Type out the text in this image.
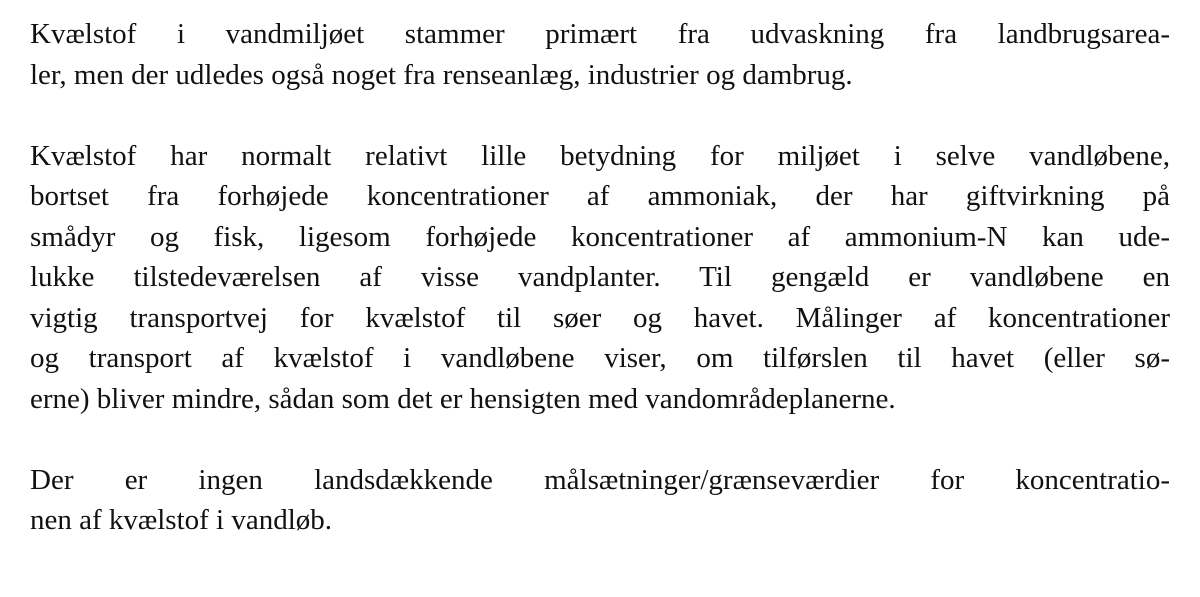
Kvælstof i vandmiljøet stammer primært fra udvaskning fra landbrugsarea-
ler, men der udledes også noget fra renseanlæg, industrier og dambrug.

Kvælstof har normalt relativt lille betydning for miljøet i selve vandløbene,
bortset fra forhøjede koncentrationer af ammoniak, der har giftvirkning på
smådyr og fisk, ligesom forhøjede koncentrationer af ammonium-N kan ude-
lukke tilstedeværelsen af visse vandplanter. Til gengæld er vandløbene en
vigtig transportvej for kvælstof til søer og havet. Målinger af koncentrationer
og transport af kvælstof i vandløbene viser, om tilførslen til havet (eller sø-
erne) bliver mindre, sådan som det er hensigten med vandområdeplanerne.

Der er ingen landsdækkende målsætninger/grænseværdier for koncentratio-
nen af kvælstof i vandløb.
